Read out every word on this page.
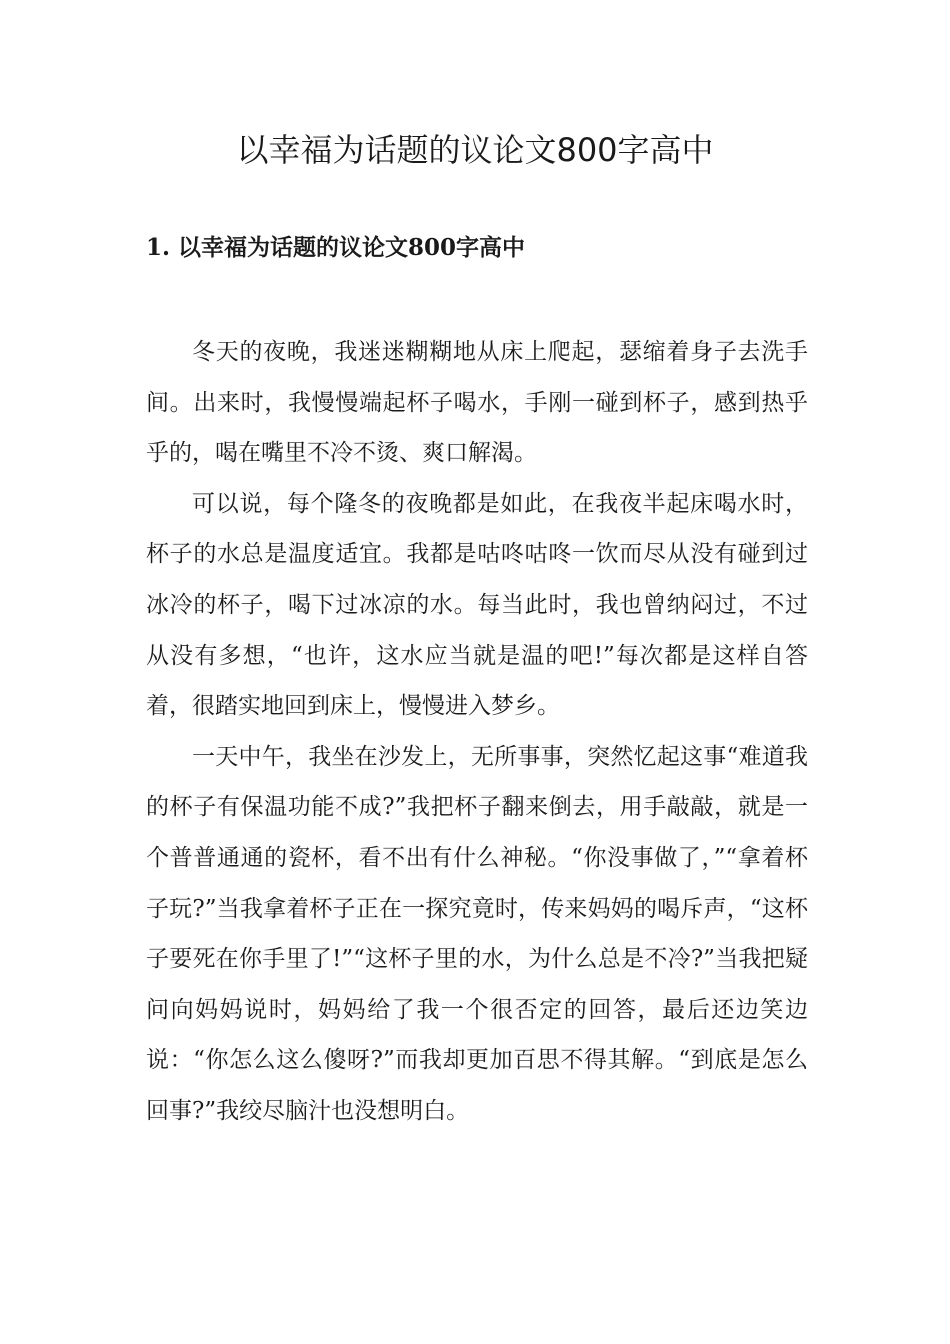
以幸福为话题的议论文800字高中
1. 以幸福为话题的议论文800字高中

冬天的夜晚，我迷迷糊糊地从床上爬起，瑟缩着身子去洗手间。出来时，我慢慢端起杯子喝水，手刚一碰到杯子，感到热乎乎的，喝在嘴里不冷不烫、爽口解渴。

可以说，每个隆冬的夜晚都是如此，在我夜半起床喝水时，杯子的水总是温度适宜。我都是咕咚咕咚一饮而尽从没有碰到过冰冷的杯子，喝下过冰凉的水。每当此时，我也曾纳闷过，不过从没有多想，“也许，这水应当就是温的吧!”每次都是这样自答着，很踏实地回到床上，慢慢进入梦乡。

一天中午，我坐在沙发上，无所事事，突然忆起这事“难道我的杯子有保温功能不成?”我把杯子翻来倒去，用手敲敲，就是一个普普通通的瓷杯，看不出有什么神秘。“你没事做了，”“拿着杯子玩?”当我拿着杯子正在一探究竟时，传来妈妈的喝斥声，“这杯子要死在你手里了!”“这杯子里的水，为什么总是不冷?”当我把疑问向妈妈说时，妈妈给了我一个很否定的回答，最后还边笑边说：“你怎么这么傻呀?”而我却更加百思不得其解。“到底是怎么回事?”我绞尽脑汁也没想明白。
